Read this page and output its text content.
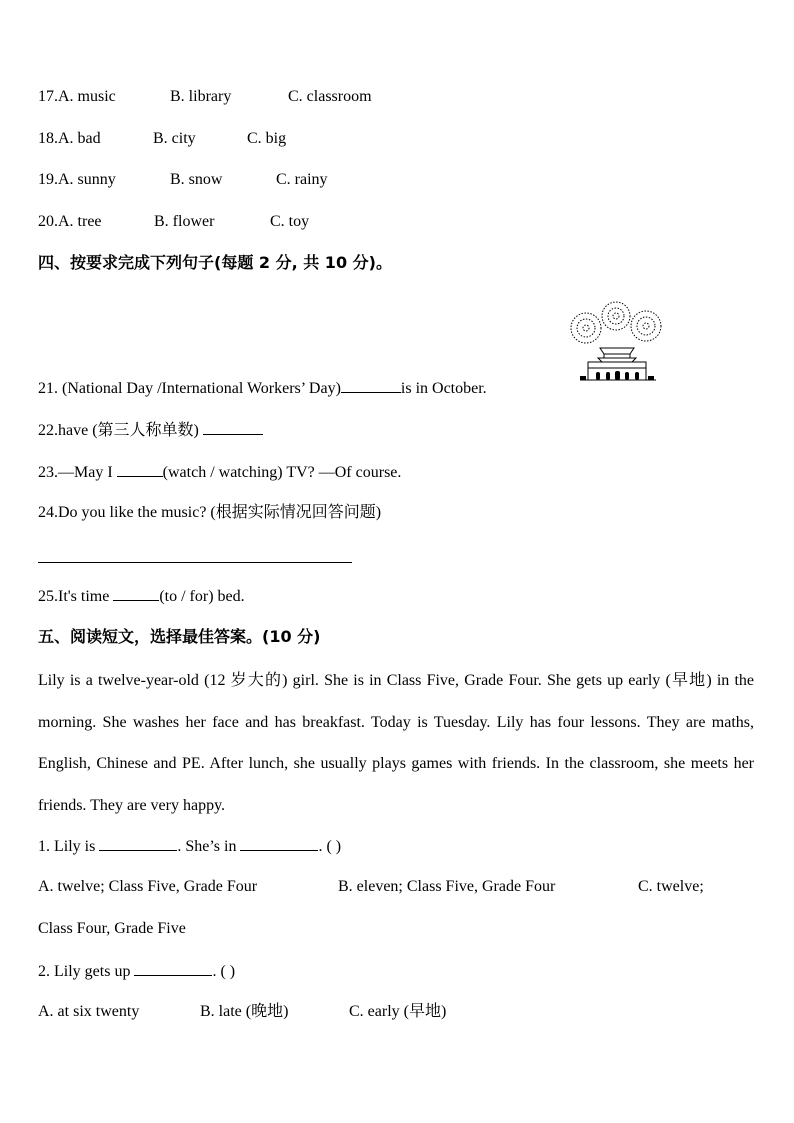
17.A. music	B. library	C. classroom
18.A. bad	B. city	C. big
19.A. sunny	B. snow	C. rainy
20.A. tree	B. flower	C. toy
四、按要求完成下列句子(每题 2 分, 共 10 分)。
21. (National Day /International Workers’ Day)	is in October.
22.have (第三人称单数)
23.—May I	(watch / watching) TV? —Of course.
24.Do you like the music? (根据实际情况回答问题)
25.It's time	(to / for) bed.
五、阅读短文，选择最佳答案。(10 分)
Lily is a twelve-year-old (12 岁大的) girl. She is in Class Five, Grade Four. She gets up early (早地) in the morning. She washes her face and has breakfast. Today is Tuesday. Lily has four lessons. They are maths, English, Chinese and PE. After lunch, she usually plays games with friends. In the classroom, she meets her friends. They are very happy.
1. Lily is	. She’s in	. ( )
A. twelve; Class Five, Grade Four	B. eleven; Class Five, Grade Four	C. twelve;
Class Four, Grade Five
2. Lily gets up	. ( )
A. at six twenty	B. late (晚地)	C. early (早地)
